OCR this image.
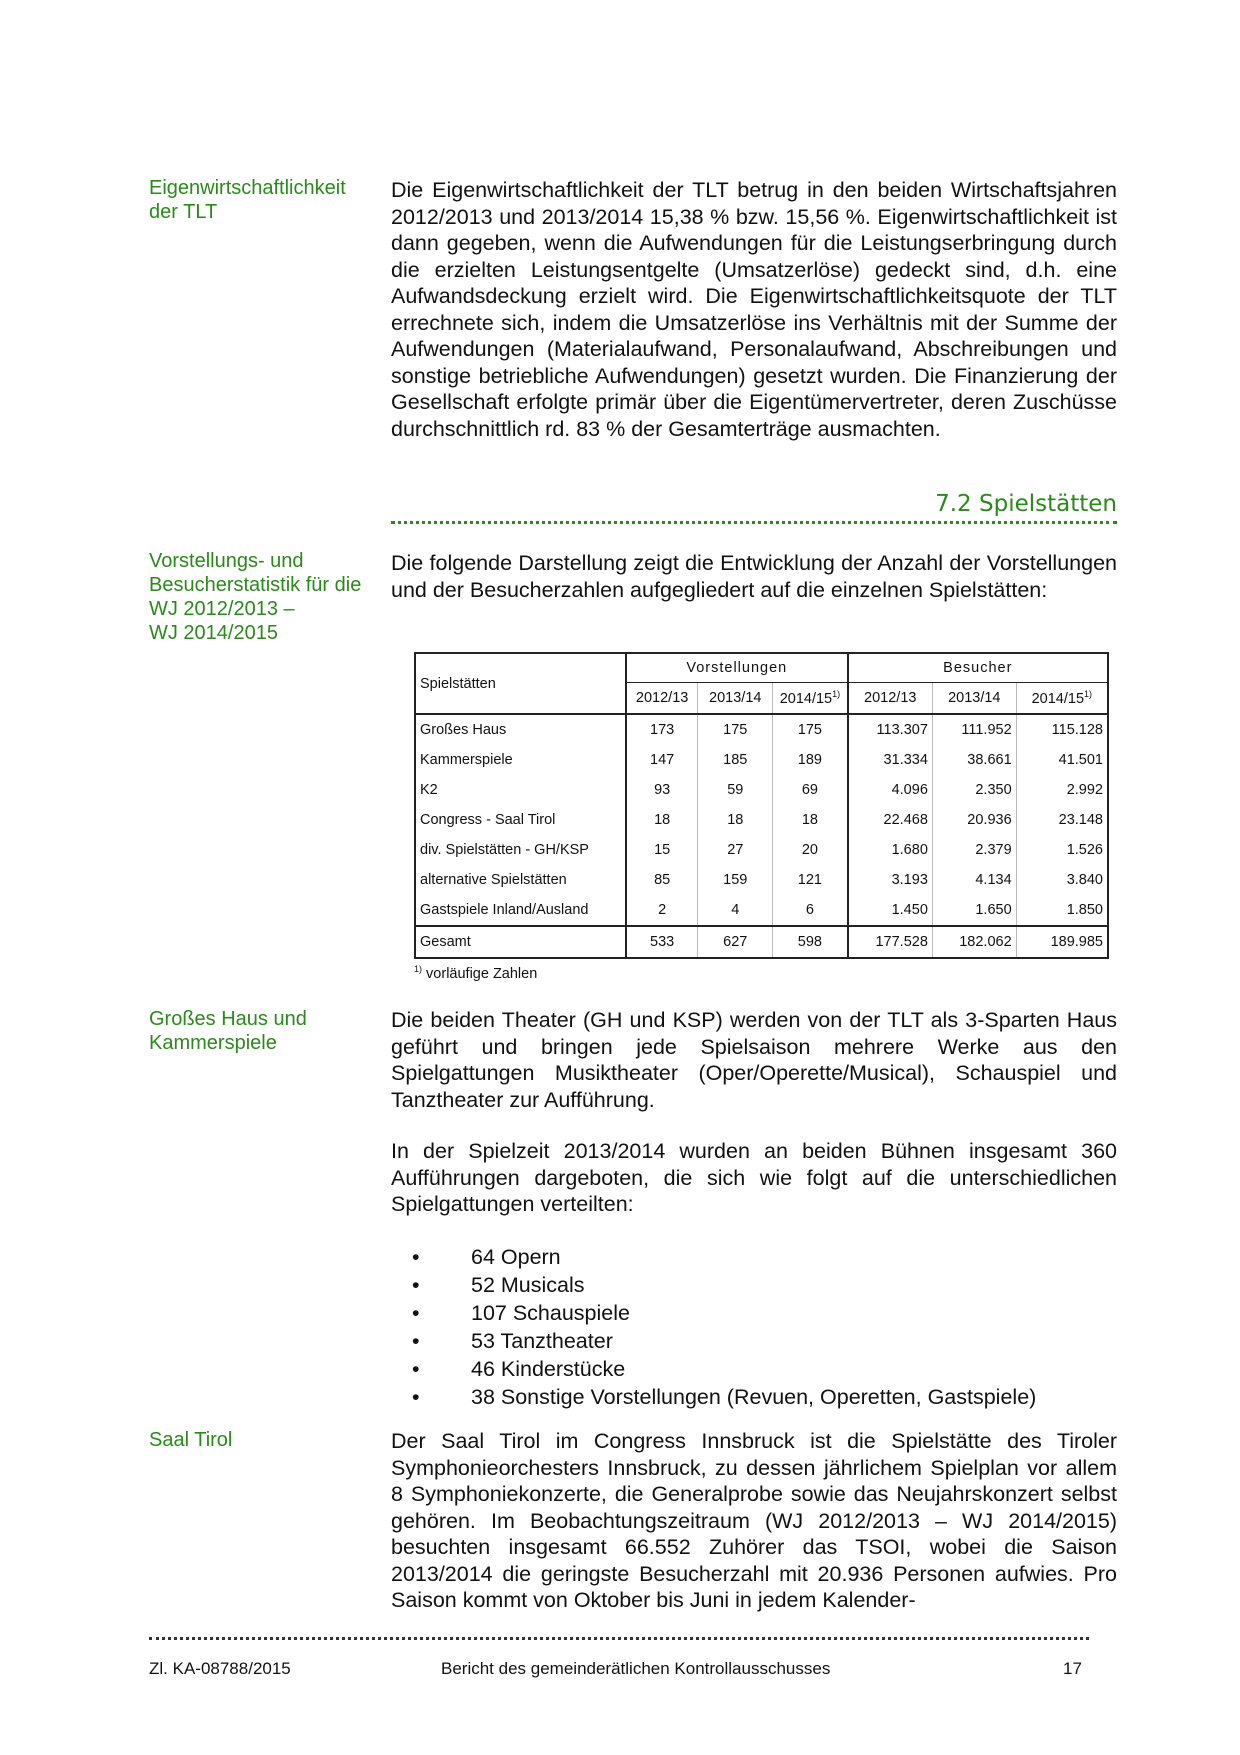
Eigenwirtschaftlichkeit
der TLT
Die Eigenwirtschaftlichkeit der TLT betrug in den beiden Wirtschaftsjahren 2012/2013 und 2013/2014 15,38 % bzw. 15,56 %. Eigenwirtschaftlichkeit ist dann gegeben, wenn die Aufwendungen für die Leistungserbringung durch die erzielten Leistungsentgelte (Umsatzerlöse) gedeckt sind, d.h. eine Aufwandsdeckung erzielt wird. Die Eigenwirtschaftlichkeitsquote der TLT errechnete sich, indem die Umsatzerlöse ins Verhältnis mit der Summe der Aufwendungen (Materialaufwand, Personalaufwand, Abschreibungen und sonstige betriebliche Aufwendungen) gesetzt wurden. Die Finanzierung der Gesellschaft erfolgte primär über die Eigentümervertreter, deren Zuschüsse durchschnittlich rd. 83 % der Gesamterträge ausmachten.
7.2 Spielstätten
Vorstellungs- und
Besucherstatistik für die
WJ 2012/2013 –
WJ 2014/2015
Die folgende Darstellung zeigt die Entwicklung der Anzahl der Vorstellungen und der Besucherzahlen aufgegliedert auf die einzelnen Spielstätten:
Spielstätten	Vorstellungen			Besucher		
	2012/13	2013/14	2014/15$^{1)}$	2012/13	2013/14	2014/15$^{1)}$
Großes Haus	173	175	175	113.307	111.952	115.128
Kammerspiele	147	185	189	31.334	38.661	41.501
K2	93	59	69	4.096	2.350	2.992
Congress - Saal Tirol	18	18	18	22.468	20.936	23.148
div. Spielstätten - GH/KSP	15	27	20	1.680	2.379	1.526
alternative Spielstätten	85	159	121	3.193	4.134	3.840
Gastspiele Inland/Ausland	2	4	6	1.450	1.650	1.850
Gesamt	533	627	598	177.528	182.062	189.985
$^{1)}$ vorläufige Zahlen
Großes Haus und
Kammerspiele
Die beiden Theater (GH und KSP) werden von der TLT als 3-Sparten Haus geführt und bringen jede Spielsaison mehrere Werke aus den Spielgattungen Musiktheater (Oper/Operette/Musical), Schauspiel und Tanztheater zur Aufführung.
In der Spielzeit 2013/2014 wurden an beiden Bühnen insgesamt 360 Aufführungen dargeboten, die sich wie folgt auf die unterschiedlichen Spielgattungen verteilten:
• 64 Opern
• 52 Musicals
• 107 Schauspiele
• 53 Tanztheater
• 46 Kinderstücke
• 38 Sonstige Vorstellungen (Revuen, Operetten, Gastspiele)
Saal Tirol	Der Saal Tirol im Congress Innsbruck ist die Spielstätte des Tiroler Symphonieorchesters Innsbruck, zu dessen jährlichem Spielplan vor allem 8 Symphoniekonzerte, die Generalprobe sowie das Neujahrskonzert selbst gehören. Im Beobachtungszeitraum (WJ 2012/2013 – WJ 2014/2015) besuchten insgesamt 66.552 Zuhörer das TSOI, wobei die Saison 2013/2014 die geringste Besucherzahl mit 20.936 Personen aufwies. Pro Saison kommt von Oktober bis Juni in jedem Kalender-
Zl. KA-08788/2015	Bericht des gemeinderätlichen Kontrollausschusses	17
